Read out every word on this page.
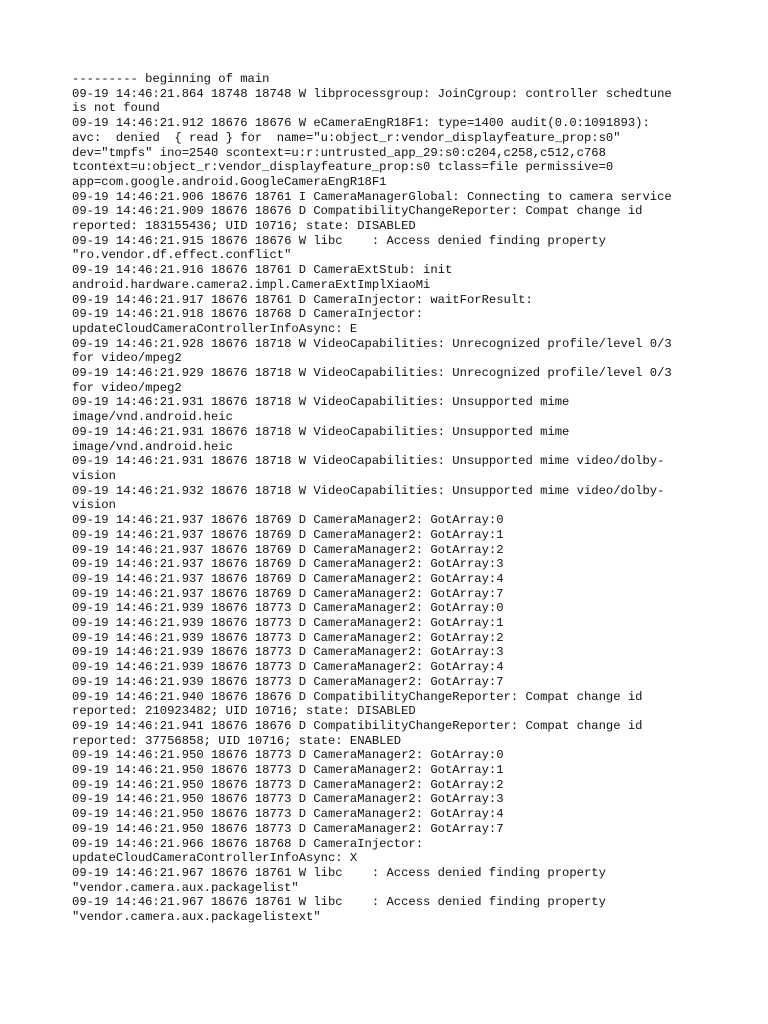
--------- beginning of main
09-19 14:46:21.864 18748 18748 W libprocessgroup: JoinCgroup: controller schedtune
is not found
09-19 14:46:21.912 18676 18676 W eCameraEngR18F1: type=1400 audit(0.0:1091893):
avc:  denied  { read } for  name="u:object_r:vendor_displayfeature_prop:s0"
dev="tmpfs" ino=2540 scontext=u:r:untrusted_app_29:s0:c204,c258,c512,c768
tcontext=u:object_r:vendor_displayfeature_prop:s0 tclass=file permissive=0
app=com.google.android.GoogleCameraEngR18F1
09-19 14:46:21.906 18676 18761 I CameraManagerGlobal: Connecting to camera service
09-19 14:46:21.909 18676 18676 D CompatibilityChangeReporter: Compat change id
reported: 183155436; UID 10716; state: DISABLED
09-19 14:46:21.915 18676 18676 W libc    : Access denied finding property
"ro.vendor.df.effect.conflict"
09-19 14:46:21.916 18676 18761 D CameraExtStub: init
android.hardware.camera2.impl.CameraExtImplXiaoMi
09-19 14:46:21.917 18676 18761 D CameraInjector: waitForResult:
09-19 14:46:21.918 18676 18768 D CameraInjector:
updateCloudCameraControllerInfoAsync: E
09-19 14:46:21.928 18676 18718 W VideoCapabilities: Unrecognized profile/level 0/3
for video/mpeg2
09-19 14:46:21.929 18676 18718 W VideoCapabilities: Unrecognized profile/level 0/3
for video/mpeg2
09-19 14:46:21.931 18676 18718 W VideoCapabilities: Unsupported mime
image/vnd.android.heic
09-19 14:46:21.931 18676 18718 W VideoCapabilities: Unsupported mime
image/vnd.android.heic
09-19 14:46:21.931 18676 18718 W VideoCapabilities: Unsupported mime video/dolby-
vision
09-19 14:46:21.932 18676 18718 W VideoCapabilities: Unsupported mime video/dolby-
vision
09-19 14:46:21.937 18676 18769 D CameraManager2: GotArray:0
09-19 14:46:21.937 18676 18769 D CameraManager2: GotArray:1
09-19 14:46:21.937 18676 18769 D CameraManager2: GotArray:2
09-19 14:46:21.937 18676 18769 D CameraManager2: GotArray:3
09-19 14:46:21.937 18676 18769 D CameraManager2: GotArray:4
09-19 14:46:21.937 18676 18769 D CameraManager2: GotArray:7
09-19 14:46:21.939 18676 18773 D CameraManager2: GotArray:0
09-19 14:46:21.939 18676 18773 D CameraManager2: GotArray:1
09-19 14:46:21.939 18676 18773 D CameraManager2: GotArray:2
09-19 14:46:21.939 18676 18773 D CameraManager2: GotArray:3
09-19 14:46:21.939 18676 18773 D CameraManager2: GotArray:4
09-19 14:46:21.939 18676 18773 D CameraManager2: GotArray:7
09-19 14:46:21.940 18676 18676 D CompatibilityChangeReporter: Compat change id
reported: 210923482; UID 10716; state: DISABLED
09-19 14:46:21.941 18676 18676 D CompatibilityChangeReporter: Compat change id
reported: 37756858; UID 10716; state: ENABLED
09-19 14:46:21.950 18676 18773 D CameraManager2: GotArray:0
09-19 14:46:21.950 18676 18773 D CameraManager2: GotArray:1
09-19 14:46:21.950 18676 18773 D CameraManager2: GotArray:2
09-19 14:46:21.950 18676 18773 D CameraManager2: GotArray:3
09-19 14:46:21.950 18676 18773 D CameraManager2: GotArray:4
09-19 14:46:21.950 18676 18773 D CameraManager2: GotArray:7
09-19 14:46:21.966 18676 18768 D CameraInjector:
updateCloudCameraControllerInfoAsync: X
09-19 14:46:21.967 18676 18761 W libc    : Access denied finding property
"vendor.camera.aux.packagelist"
09-19 14:46:21.967 18676 18761 W libc    : Access denied finding property
"vendor.camera.aux.packagelistext"
